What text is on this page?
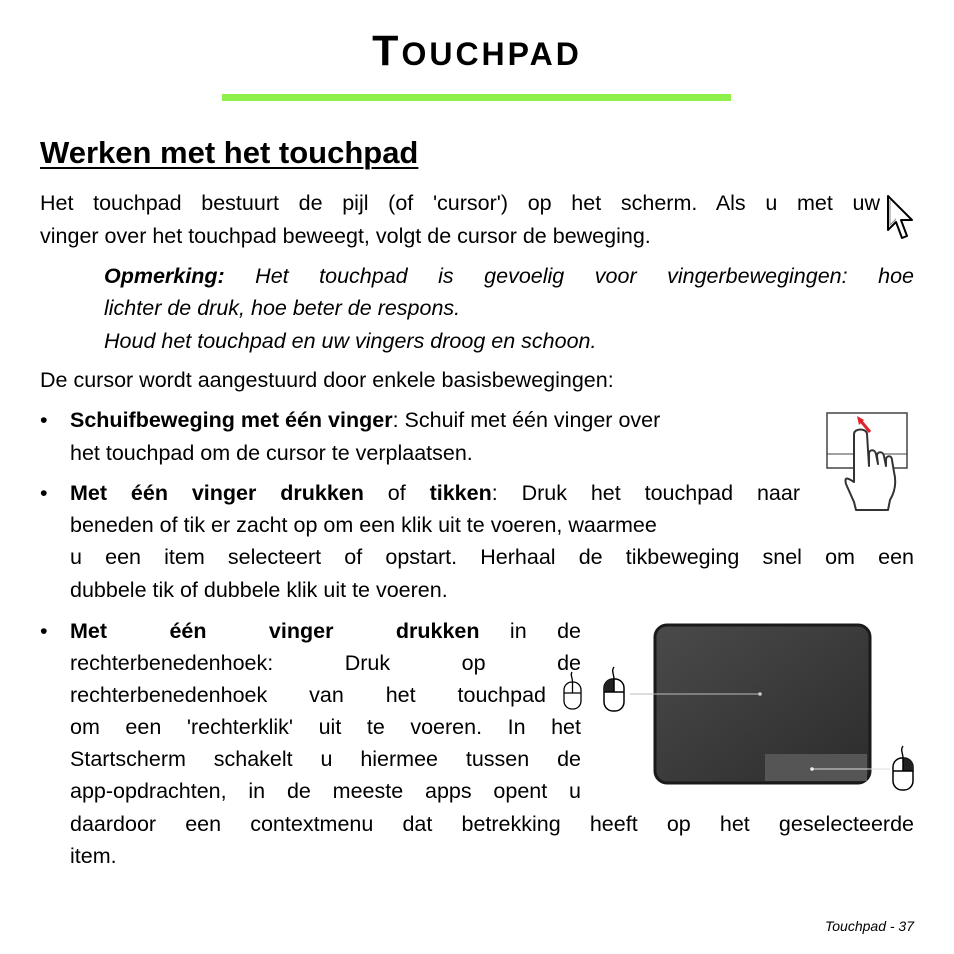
TOUCHPAD
Werken met het touchpad
Het touchpad bestuurt de pijl (of 'cursor') op het scherm. Als u met uw
vinger over het touchpad beweegt, volgt de cursor de beweging.
Opmerking: Het touchpad is gevoelig voor vingerbewegingen: hoe
lichter de druk, hoe beter de respons.
Houd het touchpad en uw vingers droog en schoon.
De cursor wordt aangestuurd door enkele basisbewegingen:
• Schuifbeweging met één vinger: Schuif met één vinger over
het touchpad om de cursor te verplaatsen.
• Met één vinger drukken of tikken: Druk het touchpad naar
beneden of tik er zacht op om een klik uit te voeren, waarmee
u een item selecteert of opstart. Herhaal de tikbeweging snel om een
dubbele tik of dubbele klik uit te voeren.
• Met één vinger drukken in de
rechterbenedenhoek: Druk op de
rechterbenedenhoek van het touchpad
om een 'rechterklik' uit te voeren. In het
Startscherm schakelt u hiermee tussen de
app-opdrachten, in de meeste apps opent u
daardoor een contextmenu dat betrekking heeft op het geselecteerde
item.
Touchpad - 37
